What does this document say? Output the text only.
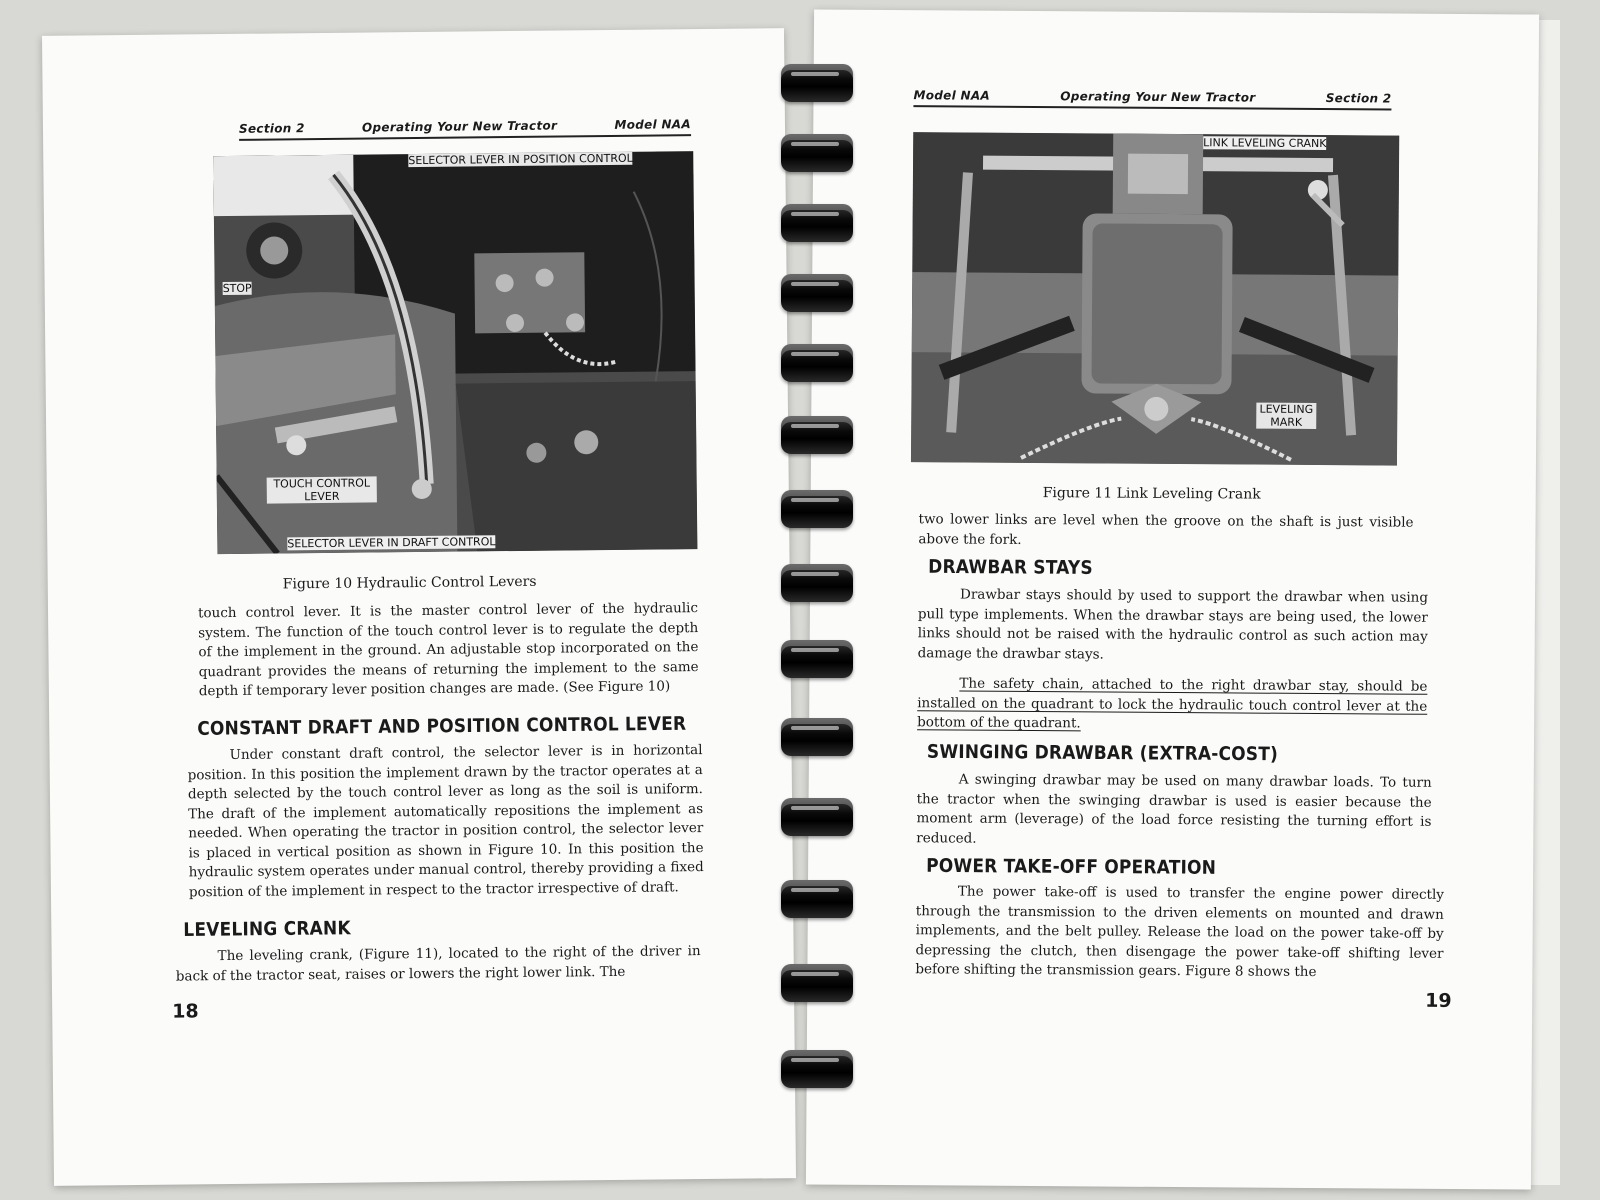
Section 2	Operating Your New Tractor	Model NAA
SELECTOR LEVER IN POSITION CONTROL
STOP
TOUCH CONTROL
LEVER
SELECTOR LEVER IN DRAFT CONTROL
Figure 10 Hydraulic Control Levers

touch control lever. It is the master control lever of the hydraulic system. The function of the touch control lever is to regulate the depth of the implement in the ground. An adjustable stop incorporated on the quadrant provides the means of returning the implement to the same depth if temporary lever position changes are made. (See Figure 10)

CONSTANT DRAFT AND POSITION CONTROL LEVER

Under constant draft control, the selector lever is in horizontal position. In this position the implement drawn by the tractor operates at a depth selected by the touch control lever as long as the soil is uniform. The draft of the implement automatically repositions the implement as needed. When operating the tractor in position control, the selector lever is placed in vertical position as shown in Figure 10. In this position the hydraulic system operates under manual control, thereby providing a fixed position of the implement in respect to the tractor irrespective of draft.

LEVELING CRANK

The leveling crank, (Figure 11), located to the right of the driver in back of the tractor seat, raises or lowers the right lower link. The

18
Model NAA	Operating Your New Tractor	Section 2
LINK LEVELING CRANK
LEVELING
MARK
Figure 11 Link Leveling Crank

two lower links are level when the groove on the shaft is just visible above the fork.

DRAWBAR STAYS

Drawbar stays should by used to support the drawbar when using pull type implements. When the drawbar stays are being used, the lower links should not be raised with the hydraulic control as such action may damage the drawbar stays.

The safety chain, attached to the right drawbar stay, should be installed on the quadrant to lock the hydraulic touch control lever at the bottom of the quadrant.

SWINGING DRAWBAR (EXTRA-COST)

A swinging drawbar may be used on many drawbar loads. To turn the tractor when the swinging drawbar is used is easier because the moment arm (leverage) of the load force resisting the turning effort is reduced.

POWER TAKE-OFF OPERATION

The power take-off is used to transfer the engine power directly through the transmission to the driven elements on mounted and drawn implements, and the belt pulley. Release the load on the power take-off by depressing the clutch, then disengage the power take-off shifting lever before shifting the transmission gears. Figure 8 shows the

19
